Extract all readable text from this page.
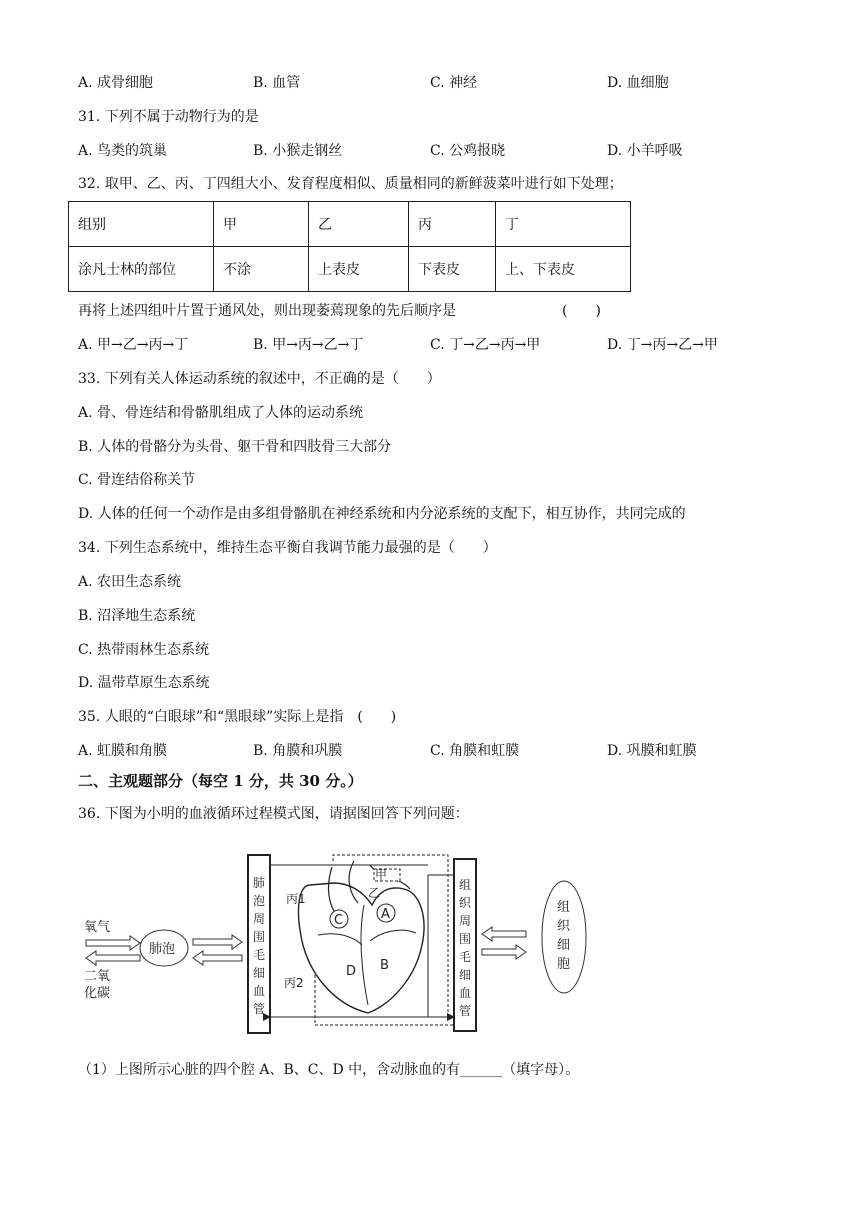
A. 成骨细胞	B. 血管	C. 神经	D. 血细胞
31. 下列不属于动物行为的是
A. 鸟类的筑巢	B. 小猴走钢丝	C. 公鸡报晓	D. 小羊呼吸
32. 取甲、乙、丙、丁四组大小、发育程度相似、质量相同的新鲜菠菜叶进行如下处理；
组别	甲	乙	丙	丁
涂凡士林的部位	不涂	上表皮	下表皮	上、下表皮
再将上述四组叶片置于通风处，则出现萎蔫现象的先后顺序是	(　　)
A. 甲→乙→丙→丁	B. 甲→丙→乙→丁	C. 丁→乙→丙→甲	D. 丁→丙→乙→甲
33. 下列有关人体运动系统的叙述中，不正确的是（　　）
A. 骨、骨连结和骨骼肌组成了人体的运动系统
B. 人体的骨骼分为头骨、躯干骨和四肢骨三大部分
C. 骨连结俗称关节
D. 人体的任何一个动作是由多组骨骼肌在神经系统和内分泌系统的支配下，相互协作，共同完成的
34. 下列生态系统中，维持生态平衡自我调节能力最强的是（　　）
A. 农田生态系统
B. 沼泽地生态系统
C. 热带雨林生态系统
D. 温带草原生态系统
35. 人眼的“白眼球”和“黑眼球”实际上是指　(　　)
A. 虹膜和角膜	B. 角膜和巩膜	C. 角膜和虹膜	D. 巩膜和虹膜
二、主观题部分（每空 1 分，共 30 分。）
36. 下图为小明的血液循环过程模式图，请据图回答下列问题：
氧气
二氧
化碳
肺泡
肺
泡
周
围
毛
细
血
管
组
织
周
围
毛
细
血
管
甲
乙
丙1
丙2
C	A
D B
组
织
细
胞
（1）上图所示心脏的四个腔 A、B、C、D 中，含动脉血的有______（填字母）。
